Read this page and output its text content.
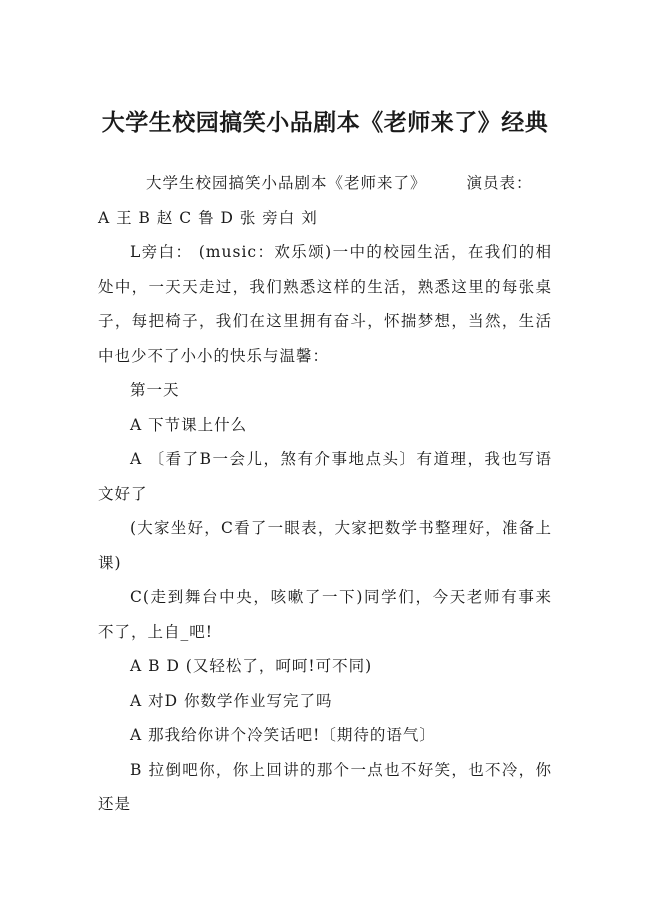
大学生校园搞笑小品剧本《老师来了》经典

大学生校园搞笑小品剧本《老师来了》	演员表：

A 王 B 赵 C 鲁 D 张 旁白 刘

L旁白： (music：欢乐颂)一中的校园生活，在我们的相处中，一天天走过，我们熟悉这样的生活，熟悉这里的每张桌子，每把椅子，我们在这里拥有奋斗，怀揣梦想，当然，生活中也少不了小小的快乐与温馨：

第一天

A 下节课上什么

A 〔看了B一会儿，煞有介事地点头〕有道理，我也写语文好了

(大家坐好，C看了一眼表，大家把数学书整理好，准备上课)

C(走到舞台中央，咳嗽了一下)同学们，今天老师有事来不了，上自_吧!

A B D (又轻松了，呵呵!可不同)

A 对D 你数学作业写完了吗

A 那我给你讲个冷笑话吧!〔期待的语气〕

B 拉倒吧你，你上回讲的那个一点也不好笑，也不冷，你还是
